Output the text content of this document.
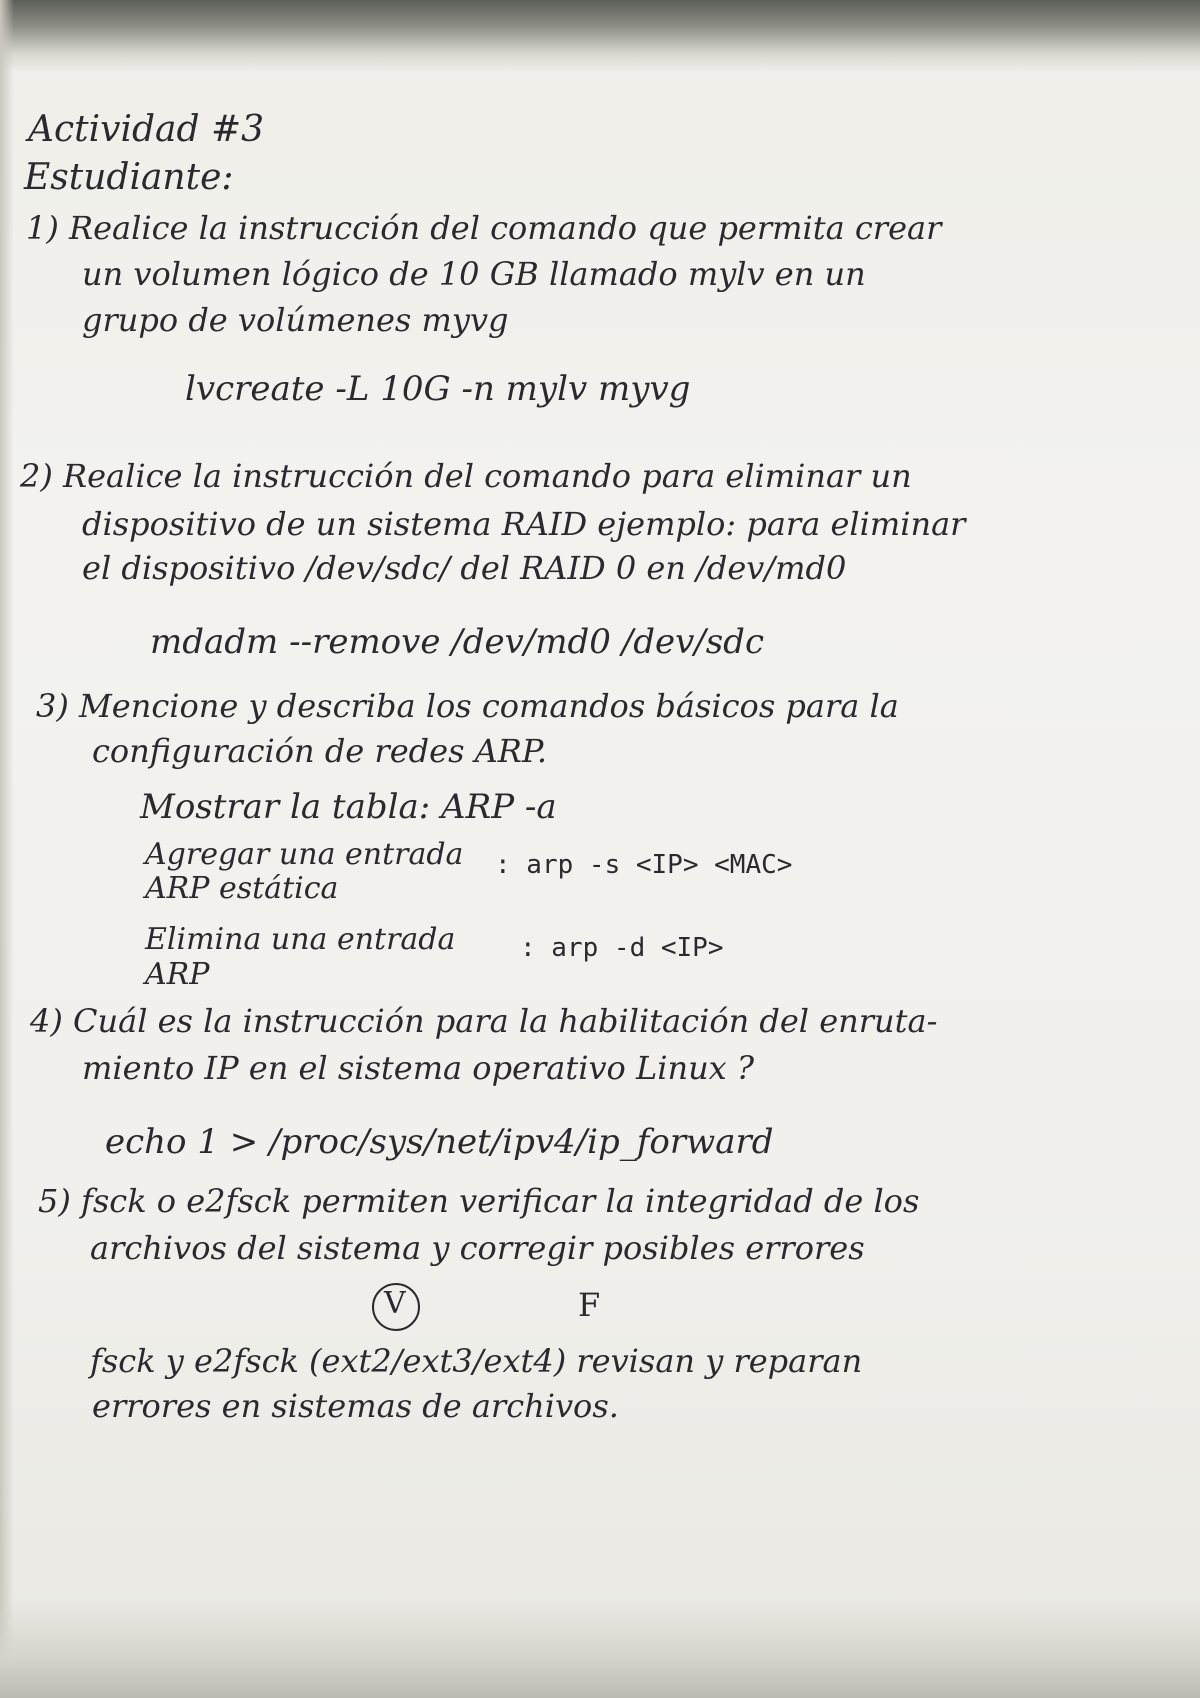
Actividad #3
Estudiante:
1) Realice la instrucción del comando que permita crear
un volumen lógico de 10 GB llamado mylv en un
grupo de volúmenes myvg
lvcreate -L 10G -n mylv myvg
2) Realice la instrucción del comando para eliminar un
dispositivo de un sistema RAID ejemplo: para eliminar
el dispositivo /dev/sdc/ del RAID 0 en /dev/md0
mdadm --remove /dev/md0 /dev/sdc
3) Mencione y describa los comandos básicos para la
configuración de redes ARP.
Mostrar la tabla: ARP -a
Agregar una entrada
ARP estática
: arp -s <IP> <MAC>
Elimina una entrada
ARP
: arp -d <IP>
4) Cuál es la instrucción para la habilitación del enruta-
miento IP en el sistema operativo Linux ?
echo 1 > /proc/sys/net/ipv4/ip_forward
5) fsck o e2fsck permiten verificar la integridad de los
archivos del sistema y corregir posibles errores
V	F
fsck y e2fsck (ext2/ext3/ext4) revisan y reparan
errores en sistemas de archivos.
